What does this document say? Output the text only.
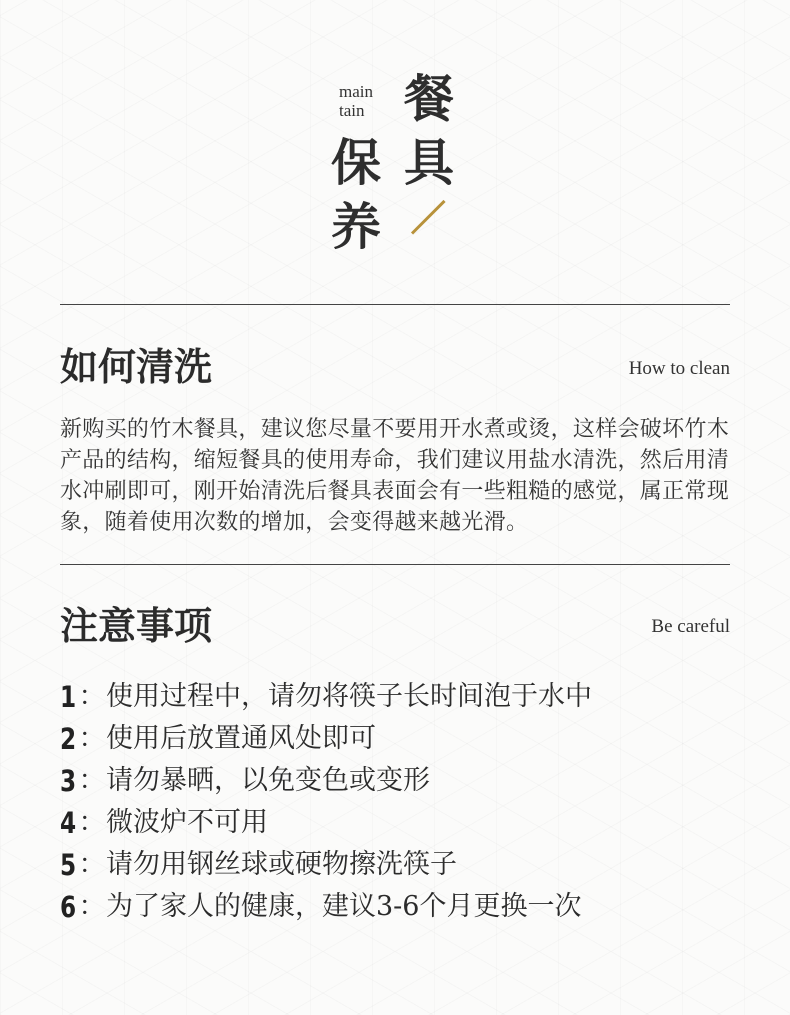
main
tain 餐
具
保
养
如何清洗	How to clean

新购买的竹木餐具，建议您尽量不要用开水煮或烫，这样会破坏竹木产品的结构，缩短餐具的使用寿命，我们建议用盐水清洗，然后用清水冲刷即可，刚开始清洗后餐具表面会有一些粗糙的感觉，属正常现象，随着使用次数的增加，会变得越来越光滑。

注意事项	Be careful
1 ： 使用过程中，请勿将筷子长时间泡于水中
2 ： 使用后放置通风处即可
3 ： 请勿暴晒，以免变色或变形
4 ： 微波炉不可用
5 ： 请勿用钢丝球或硬物擦洗筷子
6 ： 为了家人的健康，建议3-6个月更换一次
